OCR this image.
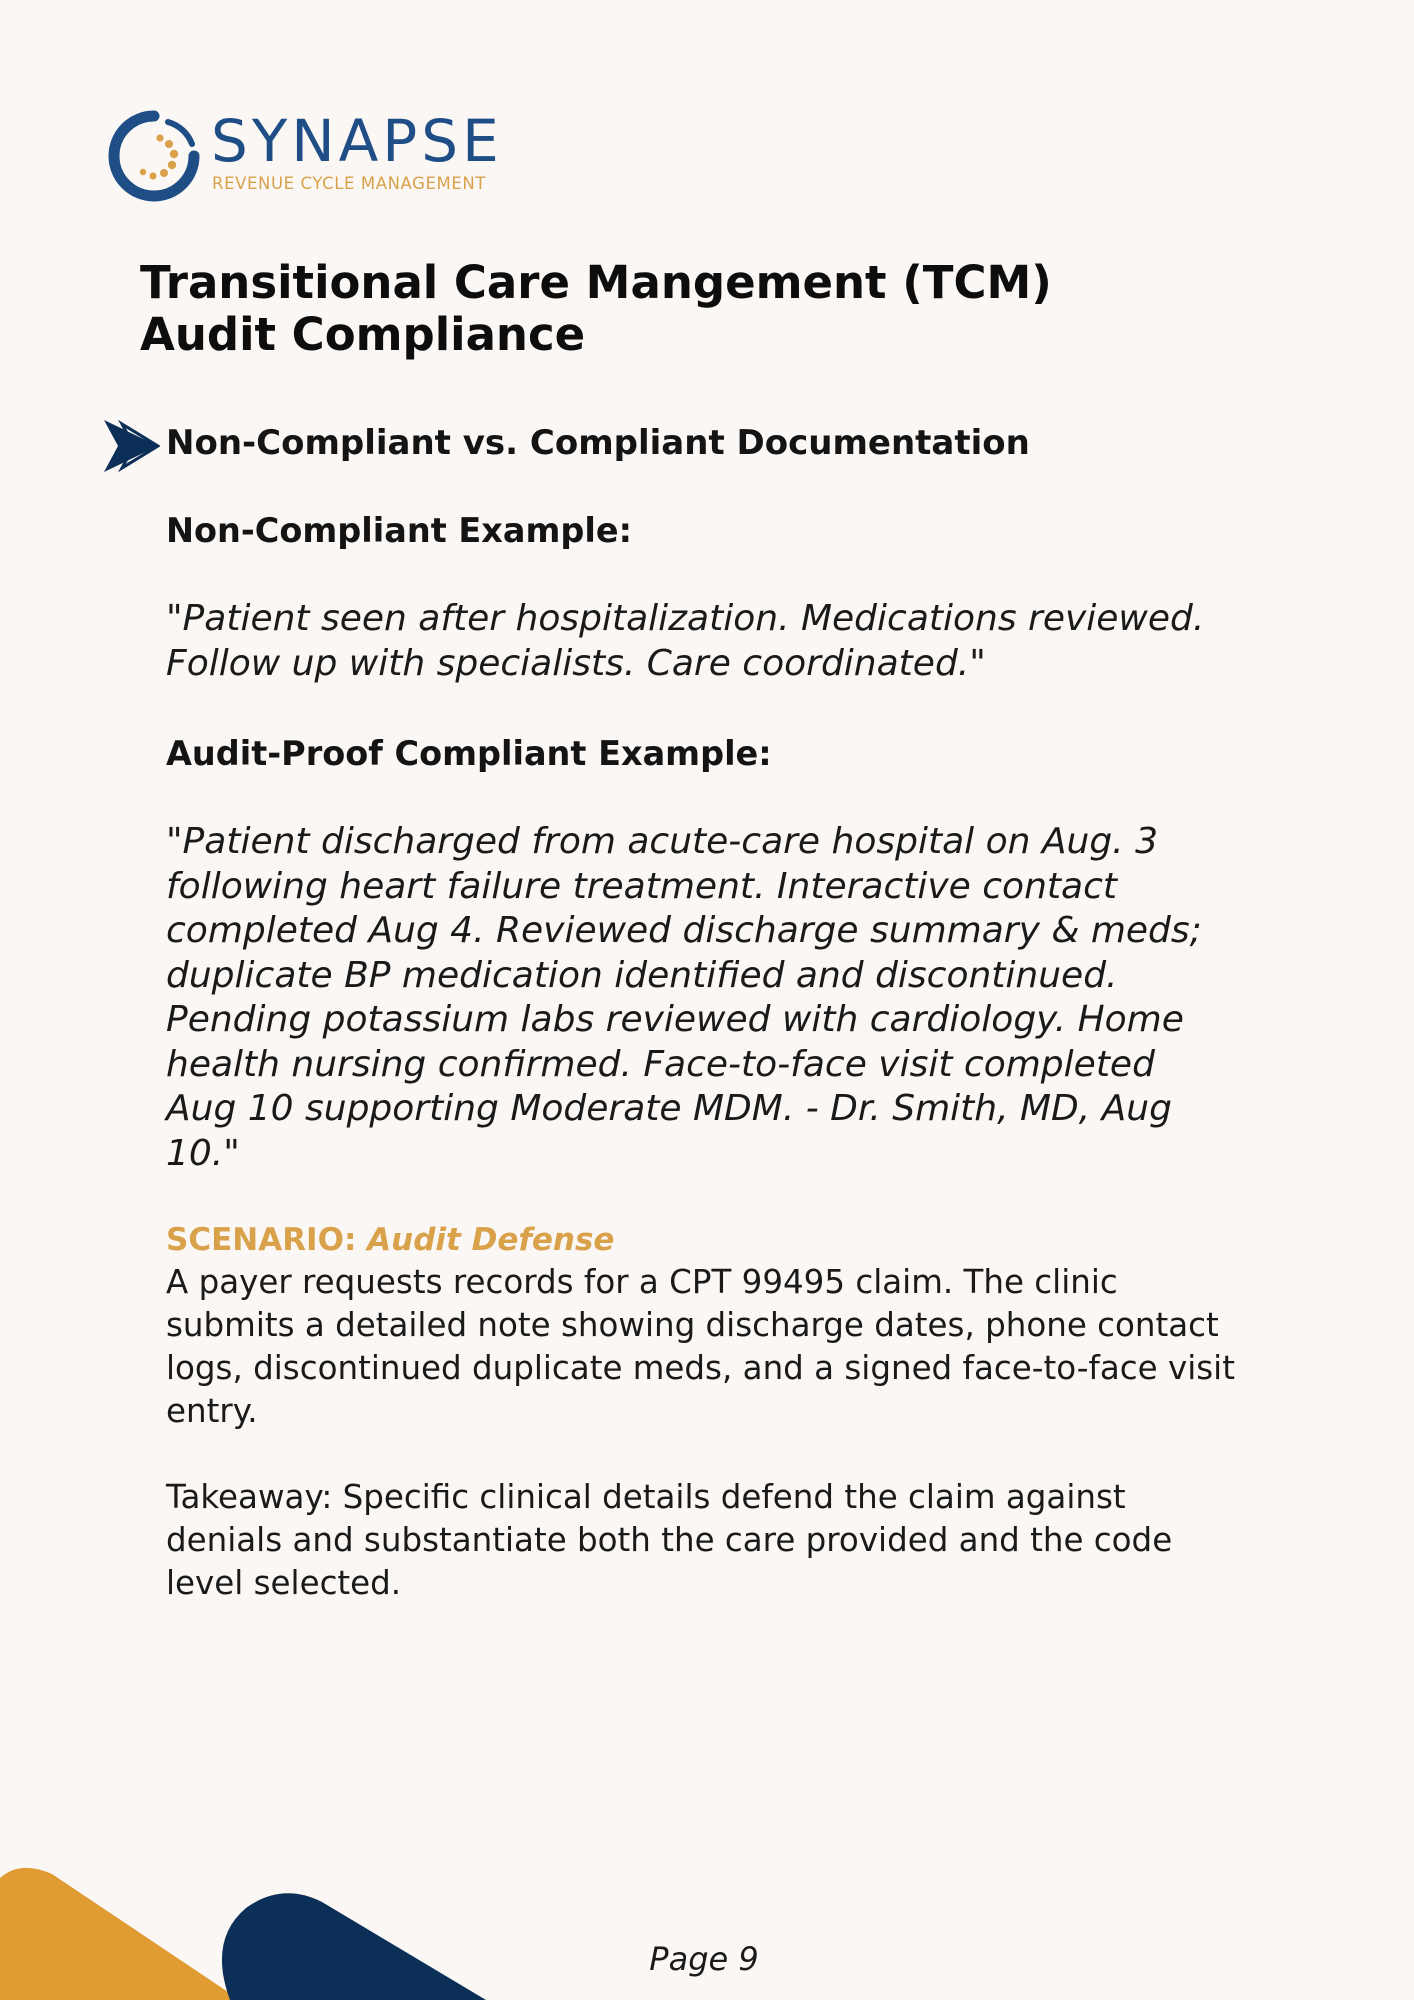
SYNAPSE
REVENUE CYCLE MANAGEMENT
Transitional Care Mangement (TCM)
Audit Compliance
Non-Compliant vs. Compliant Documentation
Non-Compliant Example:
"Patient seen after hospitalization. Medications reviewed. Follow up with specialists. Care coordinated."
Audit-Proof Compliant Example:
"Patient discharged from acute-care hospital on Aug. 3 following heart failure treatment. Interactive contact completed Aug 4. Reviewed discharge summary & meds; duplicate BP medication identified and discontinued. Pending potassium labs reviewed with cardiology. Home health nursing confirmed. Face-to-face visit completed Aug 10 supporting Moderate MDM. - Dr. Smith, MD, Aug 10."
SCENARIO: Audit Defense
A payer requests records for a CPT 99495 claim. The clinic submits a detailed note showing discharge dates, phone contact logs, discontinued duplicate meds, and a signed face-to-face visit entry.
Takeaway: Specific clinical details defend the claim against denials and substantiate both the care provided and the code level selected.
Page 9
